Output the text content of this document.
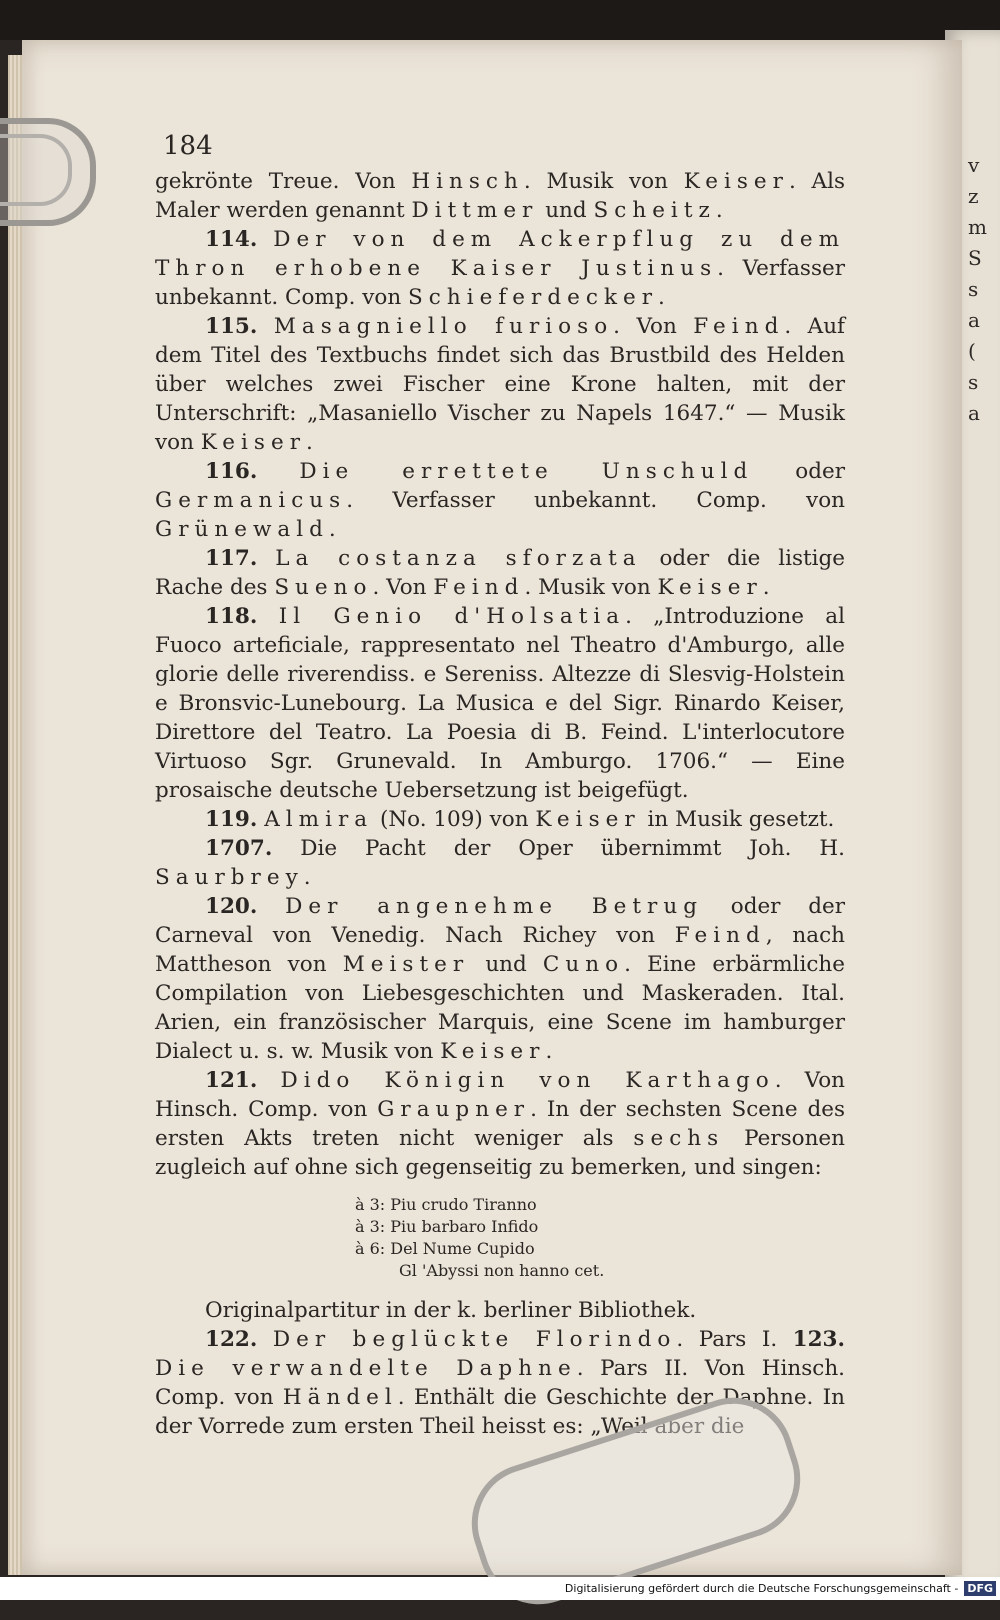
v
z
m
S
s
a
(
s
a
184

gekrönte Treue. Von Hinsch. Musik von Keiser. Als Maler werden genannt Dittmer und Scheitz.

114. Der von dem Ackerpflug zu dem Thron erhobene Kaiser Justinus. Verfasser unbekannt. Comp. von Schieferdecker.

115. Masagniello furioso. Von Feind. Auf dem Titel des Textbuchs findet sich das Brustbild des Helden über welches zwei Fischer eine Krone halten, mit der Unterschrift: „Masaniello Vischer zu Napels 1647.“ — Musik von Keiser.

116. Die errettete Unschuld oder Germanicus. Verfasser unbekannt. Comp. von Grünewald.

117. La costanza sforzata oder die listige Rache des Sueno. Von Feind. Musik von Keiser.

118. Il Genio d'Holsatia. „Introduzione al Fuoco arteficiale, rappresentato nel Theatro d'Amburgo, alle glorie delle riverendiss. e Sereniss. Altezze di Slesvig-Holstein e Bronsvic-Lunebourg. La Musica e del Sigr. Rinardo Keiser, Direttore del Teatro. La Poesia di B. Feind. L'interlocutore Virtuoso Sgr. Grunevald. In Amburgo. 1706.“ — Eine prosaische deutsche Uebersetzung ist beigefügt.

119. Almira (No. 109) von Keiser in Musik gesetzt.

1707. Die Pacht der Oper übernimmt Joh. H. Saurbrey.

120. Der angenehme Betrug oder der Carneval von Venedig. Nach Richey von Feind, nach Mattheson von Meister und Cuno. Eine erbärmliche Compilation von Liebesgeschichten und Maskeraden. Ital. Arien, ein französischer Marquis, eine Scene im hamburger Dialect u. s. w. Musik von Keiser.

121. Dido Königin von Karthago. Von Hinsch. Comp. von Graupner. In der sechsten Scene des ersten Akts treten nicht weniger als sechs Personen zugleich auf ohne sich gegenseitig zu bemerken, und singen:

à 3: Piu crudo Tiranno
à 3: Piu barbaro Infido
à 6: Del Nume Cupido
Gl 'Abyssi non hanno cet.

Originalpartitur in der k. berliner Bibliothek.

122. Der beglückte Florindo. Pars I. 123. Die verwandelte Daphne. Pars II. Von Hinsch. Comp. von Händel. Enthält die Geschichte der Daphne. In der Vorrede zum ersten Theil heisst es: „Weil aber die

Digitalisierung gefördert durch die Deutsche Forschungsgemeinschaft - DFG
